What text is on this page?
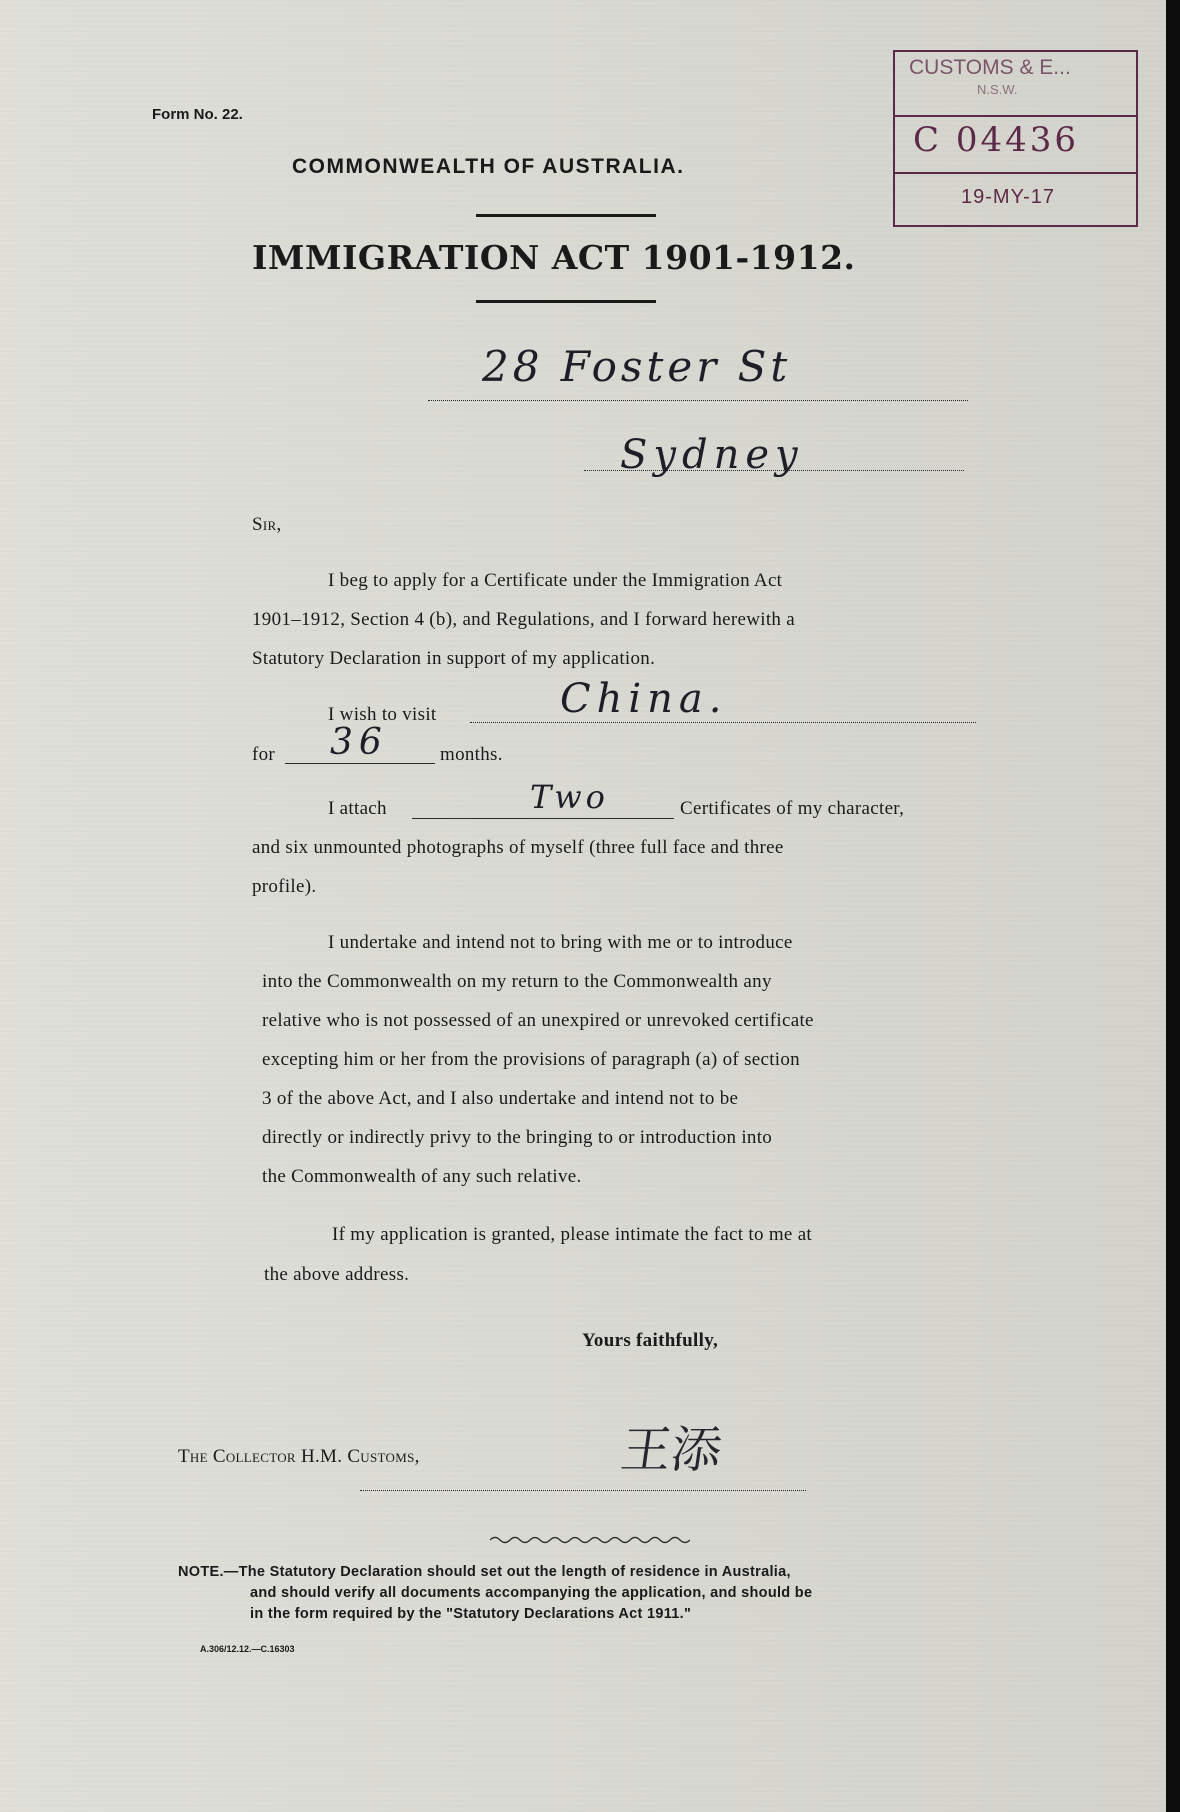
Form No. 22.
COMMONWEALTH OF AUSTRALIA.
IMMIGRATION ACT 1901-1912.
CUSTOMS & E...
N.S.W.
C 04436
19-MY-17
28 Foster St
Sydney
Sir,
I beg to apply for a Certificate under the Immigration Act
1901–1912, Section 4 (b), and Regulations, and I forward herewith a
Statutory Declaration in support of my application.
I wish to visit	China.
for 36	months.
I attach	Two	Certificates of my character,
and six unmounted photographs of myself (three full face and three
profile).
I undertake and intend not to bring with me or to introduce
into the Commonwealth on my return to the Commonwealth any
relative who is not possessed of an unexpired or unrevoked certificate
excepting him or her from the provisions of paragraph (a) of section
3 of the above Act, and I also undertake and intend not to be
directly or indirectly privy to the bringing to or introduction into
the Commonwealth of any such relative.
If my application is granted, please intimate the fact to me at
the above address.
Yours faithfully,
The Collector H.M. Customs,	王添
NOTE.—The Statutory Declaration should set out the length of residence in Australia,
and should verify all documents accompanying the application, and should be
in the form required by the "Statutory Declarations Act 1911."
A.306/12.12.—C.16303
